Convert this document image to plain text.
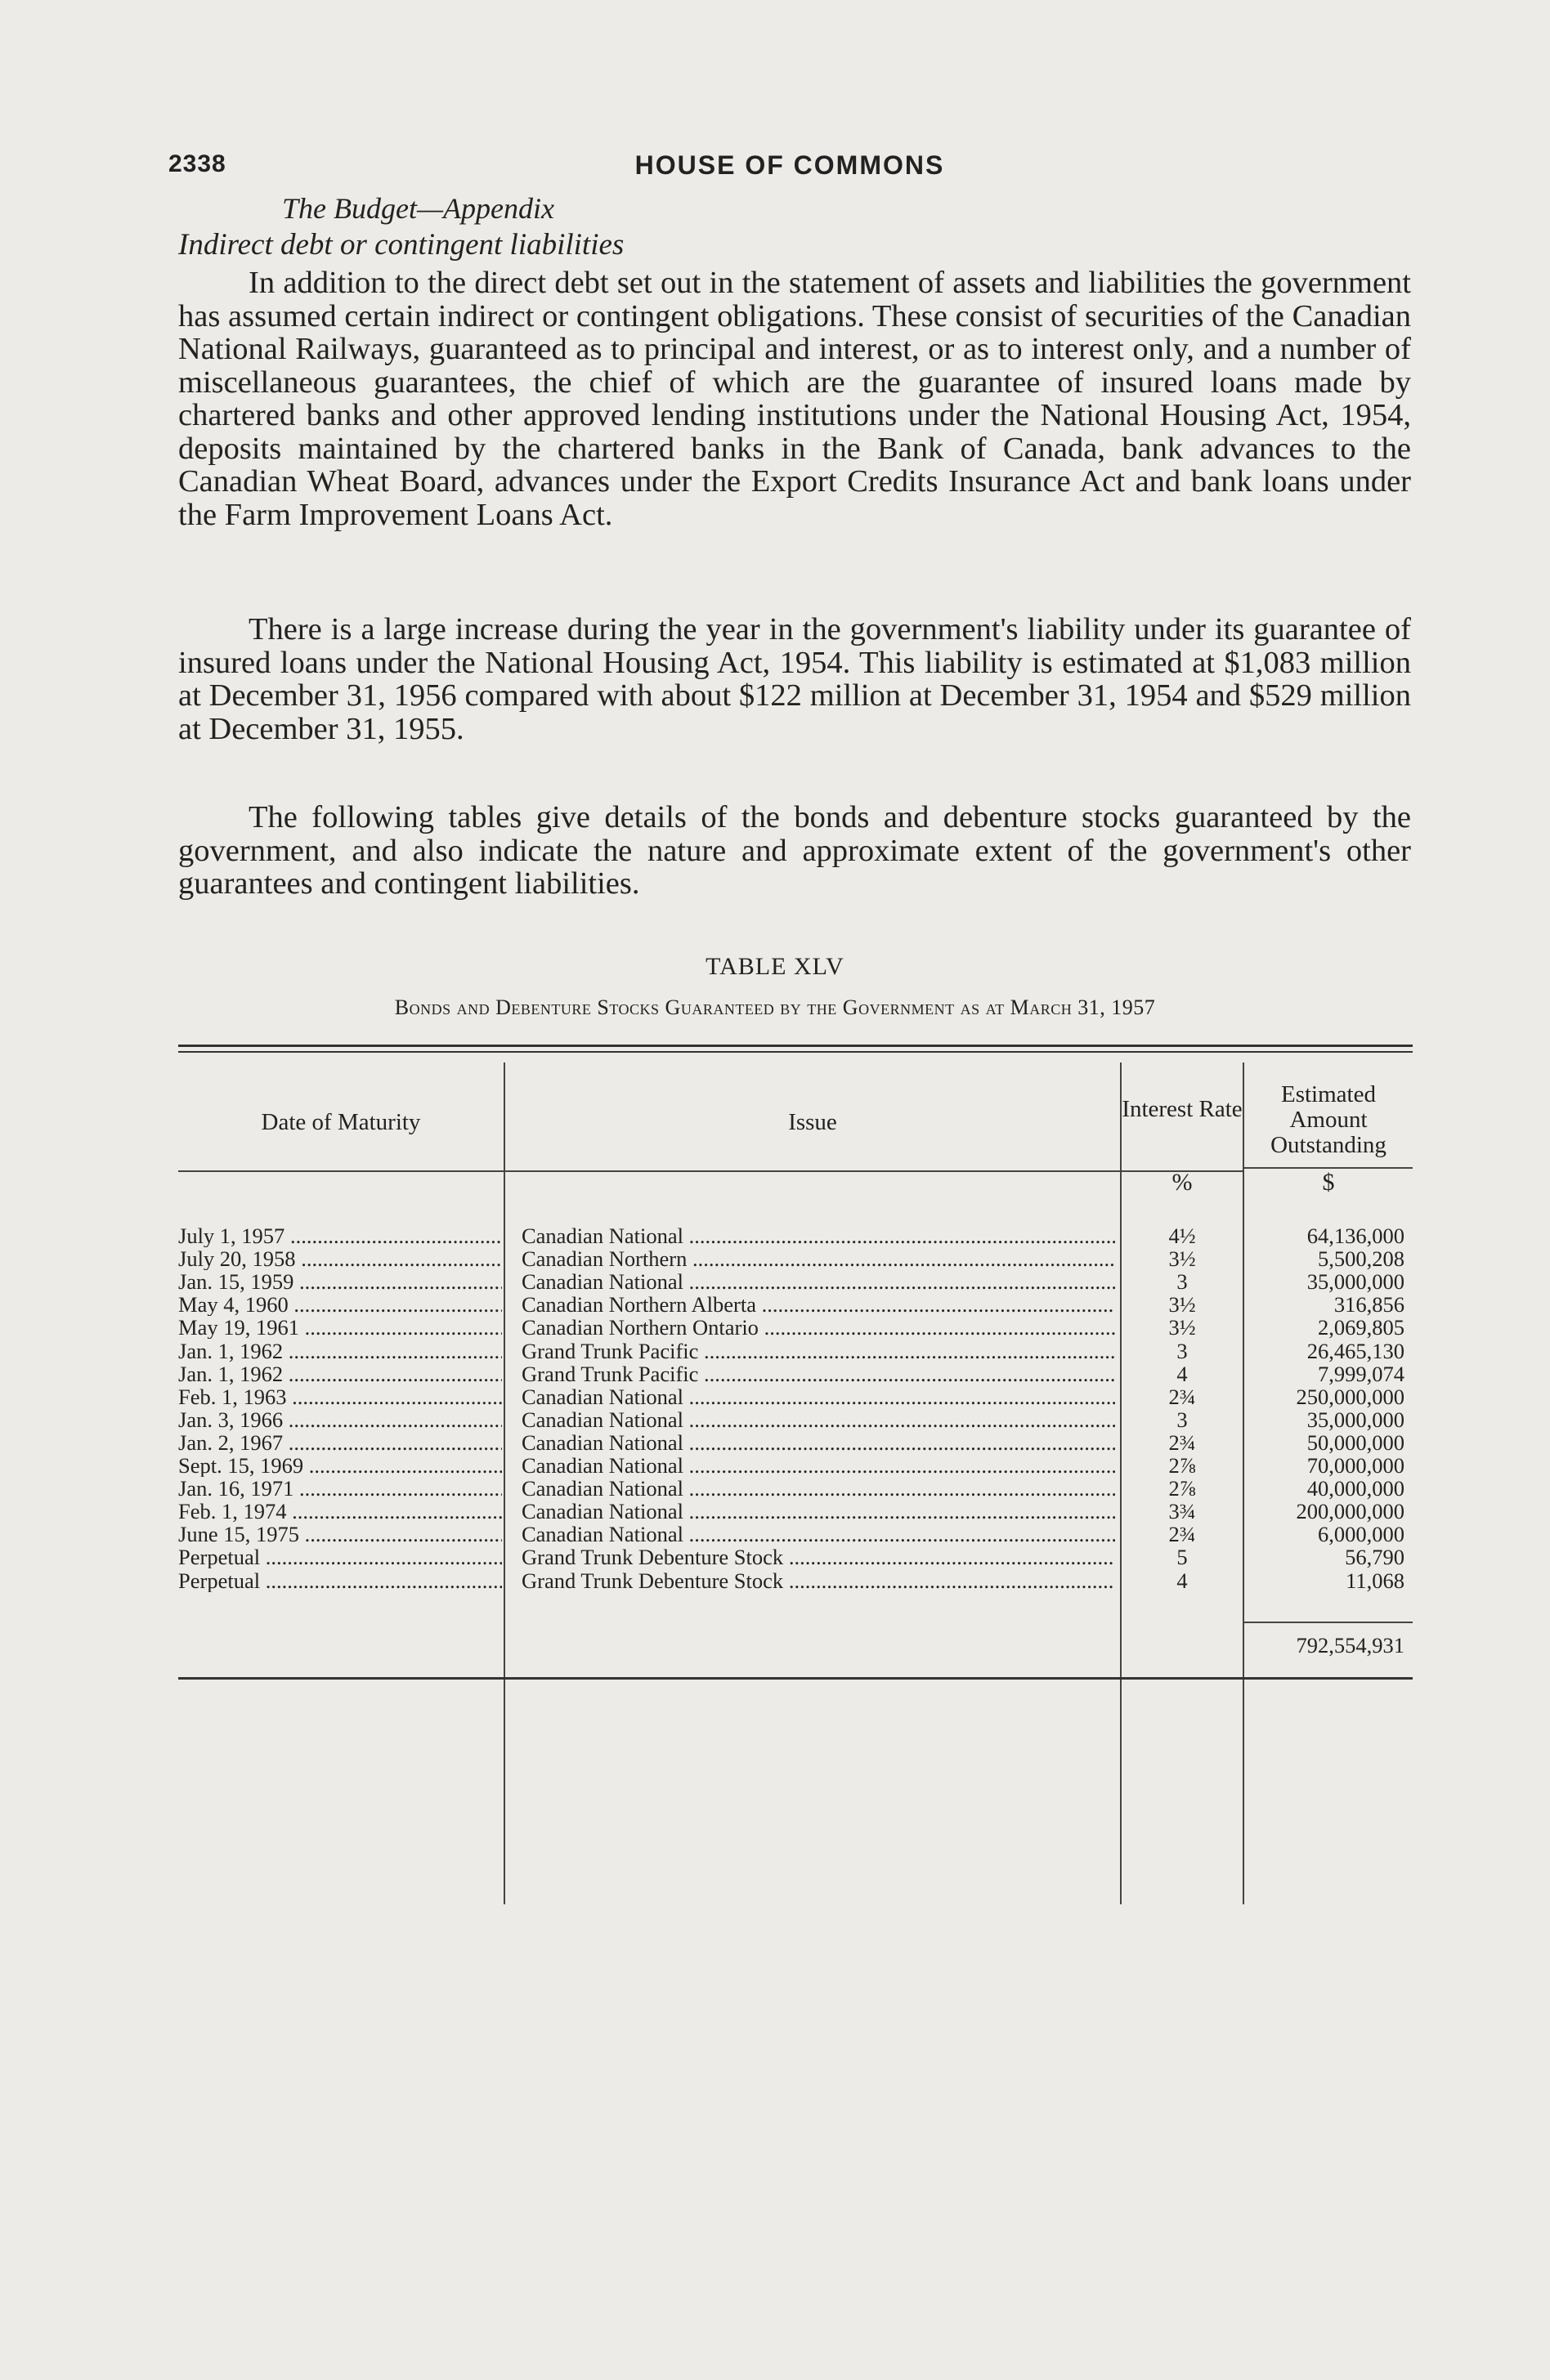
2338	HOUSE OF COMMONS
The Budget—Appendix
Indirect debt or contingent liabilities

In addition to the direct debt set out in the statement of assets and liabilities the government has assumed certain indirect or contingent obligations. These consist of securities of the Canadian National Railways, guaranteed as to principal and interest, or as to interest only, and a number of miscellaneous guarantees, the chief of which are the guarantee of insured loans made by chartered banks and other approved lending institutions under the National Housing Act, 1954, deposits maintained by the chartered banks in the Bank of Canada, bank advances to the Canadian Wheat Board, advances under the Export Credits Insurance Act and bank loans under the Farm Improvement Loans Act.

There is a large increase during the year in the government's liability under its guarantee of insured loans under the National Housing Act, 1954. This liability is estimated at $1,083 million at December 31, 1956 compared with about $122 million at December 31, 1954 and $529 million at December 31, 1955.

The following tables give details of the bonds and debenture stocks guaranteed by the government, and also indicate the nature and approximate extent of the government's other guarantees and contingent liabilities.

TABLE XLV
Bonds and Debenture Stocks Guaranteed by the Government as at March 31, 1957
Date of Maturity	Issue	Interest Rate
Estimated Amount Outstanding
%	$
July 1, 1957 .....	Canadian National .....	4½	64,136,000
July 20, 1958 .....	Canadian Northern .....	3½	5,500,208
Jan. 15, 1959 .....	Canadian National .....	3	35,000,000
May 4, 1960 .....	Canadian Northern Alberta .....	3½	316,856
May 19, 1961 .....	Canadian Northern Ontario .....	3½	2,069,805
Jan. 1, 1962 .....	Grand Trunk Pacific .....	3	26,465,130
Jan. 1, 1962 .....	Grand Trunk Pacific .....	4	7,999,074
Feb. 1, 1963 .....	Canadian National .....	2¾	250,000,000
Jan. 3, 1966 .....	Canadian National .....	3	35,000,000
Jan. 2, 1967 .....	Canadian National .....	2¾	50,000,000
Sept. 15, 1969 .....	Canadian National .....	2⅞	70,000,000
Jan. 16, 1971 .....	Canadian National .....	2⅞	40,000,000
Feb. 1, 1974 .....	Canadian National .....	3¾	200,000,000
June 15, 1975 .....	Canadian National .....	2¾	6,000,000
Perpetual .....	Grand Trunk Debenture Stock .....	5	56,790
Perpetual .....	Grand Trunk Debenture Stock .....	4	11,068
792,554,931
